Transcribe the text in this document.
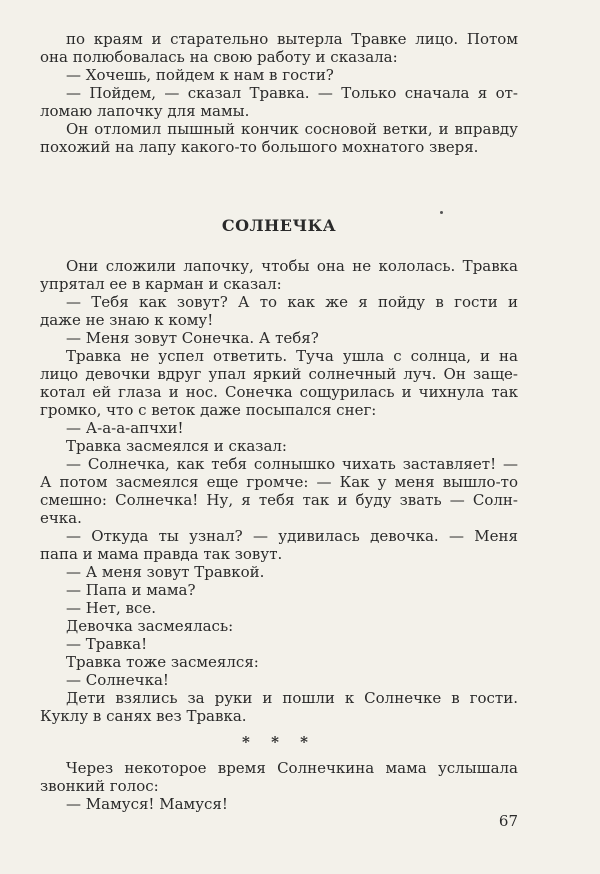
по краям и старательно вытерла Травке лицо. Потом
она полюбовалась на свою работу и сказала:
— Хочешь, пойдем к нам в гости?
— Пойдем, — сказал Травка. — Только сначала я от-
ломаю лапочку для мамы.
Он отломил пышный кончик сосновой ветки, и вправду
похожий на лапу какого-то большого мохнатого зверя.
СОЛНЕЧКА
Они сложили лапочку, чтобы она не кололась. Травка
упрятал ее в карман и сказал:
— Тебя как зовут? А то как же я пойду в гости и
даже не знаю к кому!
— Меня зовут Сонечка. А тебя?
Травка не успел ответить. Туча ушла с солнца, и на
лицо девочки вдруг упал яркий солнечный луч. Он заще-
котал ей глаза и нос. Сонечка сощурилась и чихнула так
громко, что с веток даже посыпался снег:
— А-а-а-апчхи!
Травка засмеялся и сказал:
— Солнечка, как тебя солнышко чихать заставляет! —
А потом засмеялся еще громче: — Как у меня вышло-то
смешно: Солнечка! Ну, я тебя так и буду звать — Солн-
ечка.
— Откуда ты узнал? — удивилась девочка. — Меня
папа и мама правда так зовут.
— А меня зовут Травкой.
— Папа и мама?
— Нет, все.
Девочка засмеялась:
— Травка!
Травка тоже засмеялся:
— Солнечка!
Дети взялись за руки и пошли к Солнечке в гости.
Куклу в санях вез Травка.
* * *
Через некоторое время Солнечкина мама услышала
звонкий голос:
— Мамуся! Мамуся!
67
